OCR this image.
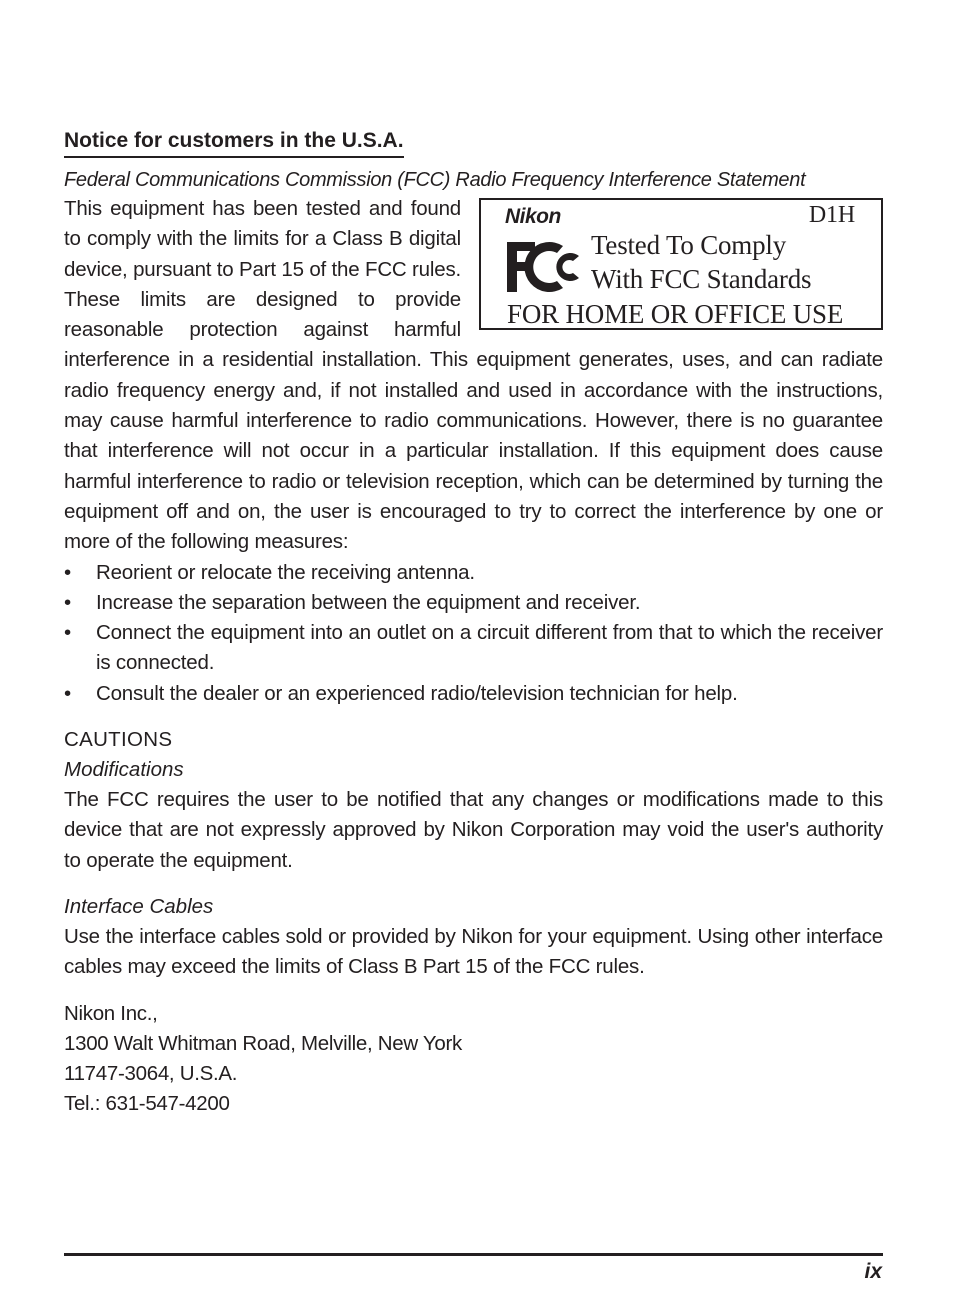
Notice for customers in the U.S.A.
Federal Communications Commission (FCC) Radio Frequency Interference Statement
Nikon	D1H
Tested To Comply
With FCC Standards
FOR HOME OR OFFICE USE
This equipment has been tested and found to comply with the limits for a Class B digital device, pursuant to Part 15 of the FCC rules. These limits are designed to provide reasonable protection against harmful interference in a residential installation. This equipment generates, uses, and can radiate radio frequency energy and, if not installed and used in accordance with the instructions, may cause harmful interference to radio communications. However, there is no guarantee that interference will not occur in a particular installation. If this equipment does cause harmful interference to radio or television reception, which can be determined by turning the equipment off and on, the user is encouraged to try to correct the interference by one or more of the following measures:
• Reorient or relocate the receiving antenna.
• Increase the separation between the equipment and receiver.
• Connect the equipment into an outlet on a circuit different from that to which the receiver is connected.
• Consult the dealer or an experienced radio/television technician for help.
CAUTIONS
Modifications
The FCC requires the user to be notified that any changes or modifications made to this device that are not expressly approved by Nikon Corporation may void the user's authority to operate the equipment.
Interface Cables
Use the interface cables sold or provided by Nikon for your equipment. Using other interface cables may exceed the limits of Class B Part 15 of the FCC rules.
Nikon Inc.,
1300 Walt Whitman Road, Melville, New York
11747-3064, U.S.A.
Tel.: 631-547-4200
ix
